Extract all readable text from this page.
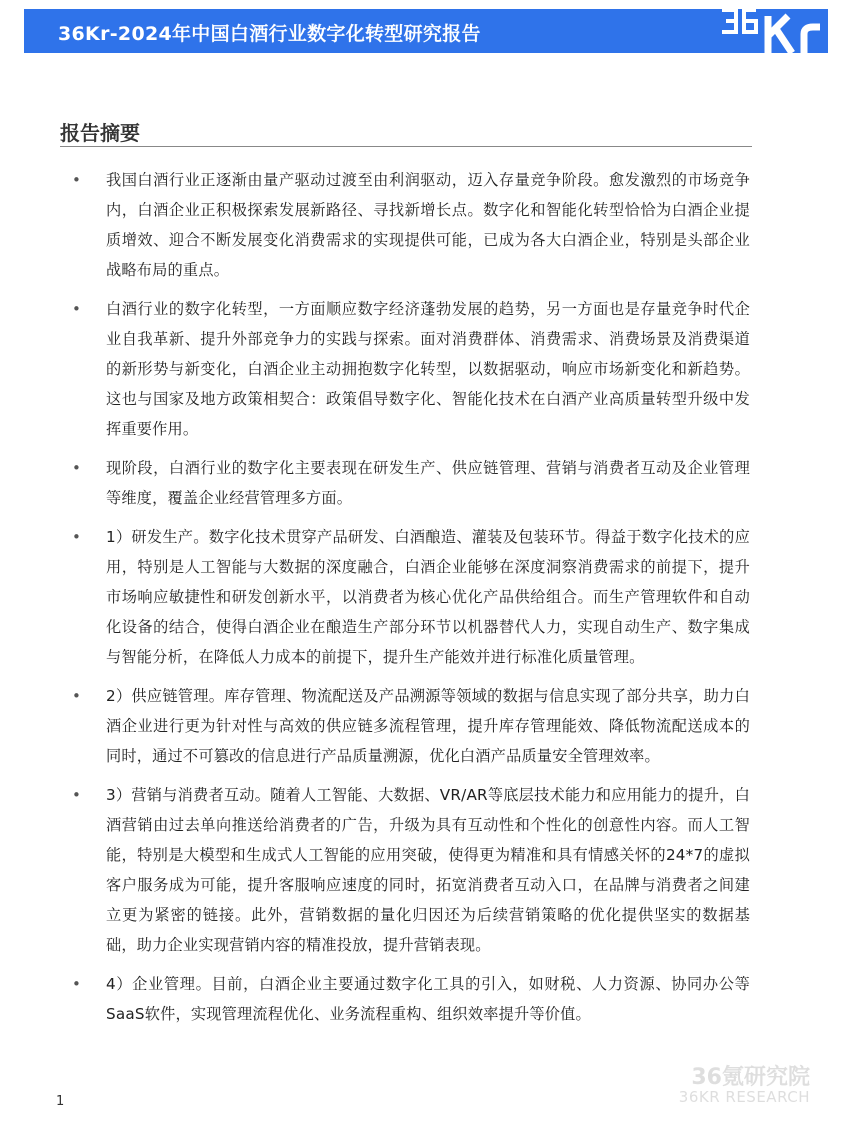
36Kr-2024年中国白酒行业数字化转型研究报告
报告摘要
• 我国白酒行业正逐渐由量产驱动过渡至由利润驱动，迈入存量竞争阶段。愈发激烈的市场竞争内，白酒企业正积极探索发展新路径、寻找新增长点。数字化和智能化转型恰恰为白酒企业提质增效、迎合不断发展变化消费需求的实现提供可能，已成为各大白酒企业，特别是头部企业战略布局的重点。
• 白酒行业的数字化转型，一方面顺应数字经济蓬勃发展的趋势，另一方面也是存量竞争时代企业自我革新、提升外部竞争力的实践与探索。面对消费群体、消费需求、消费场景及消费渠道的新形势与新变化，白酒企业主动拥抱数字化转型，以数据驱动，响应市场新变化和新趋势。这也与国家及地方政策相契合：政策倡导数字化、智能化技术在白酒产业高质量转型升级中发挥重要作用。
• 现阶段，白酒行业的数字化主要表现在研发生产、供应链管理、营销与消费者互动及企业管理等维度，覆盖企业经营管理多方面。
• 1）研发生产。数字化技术贯穿产品研发、白酒酿造、灌装及包装环节。得益于数字化技术的应用，特别是人工智能与大数据的深度融合，白酒企业能够在深度洞察消费需求的前提下，提升市场响应敏捷性和研发创新水平，以消费者为核心优化产品供给组合。而生产管理软件和自动化设备的结合，使得白酒企业在酿造生产部分环节以机器替代人力，实现自动生产、数字集成与智能分析，在降低人力成本的前提下，提升生产能效并进行标准化质量管理。
• 2）供应链管理。库存管理、物流配送及产品溯源等领域的数据与信息实现了部分共享，助力白酒企业进行更为针对性与高效的供应链多流程管理，提升库存管理能效、降低物流配送成本的同时，通过不可篡改的信息进行产品质量溯源，优化白酒产品质量安全管理效率。
• 3）营销与消费者互动。随着人工智能、大数据、VR/AR等底层技术能力和应用能力的提升，白酒营销由过去单向推送给消费者的广告，升级为具有互动性和个性化的创意性内容。而人工智能，特别是大模型和生成式人工智能的应用突破，使得更为精准和具有情感关怀的24*7的虚拟客户服务成为可能，提升客服响应速度的同时，拓宽消费者互动入口，在品牌与消费者之间建立更为紧密的链接。此外，营销数据的量化归因还为后续营销策略的优化提供坚实的数据基础，助力企业实现营销内容的精准投放，提升营销表现。
• 4）企业管理。目前，白酒企业主要通过数字化工具的引入，如财税、人力资源、协同办公等SaaS软件，实现管理流程优化、业务流程重构、组织效率提升等价值。
1
36氪研究院
36KR RESEARCH
